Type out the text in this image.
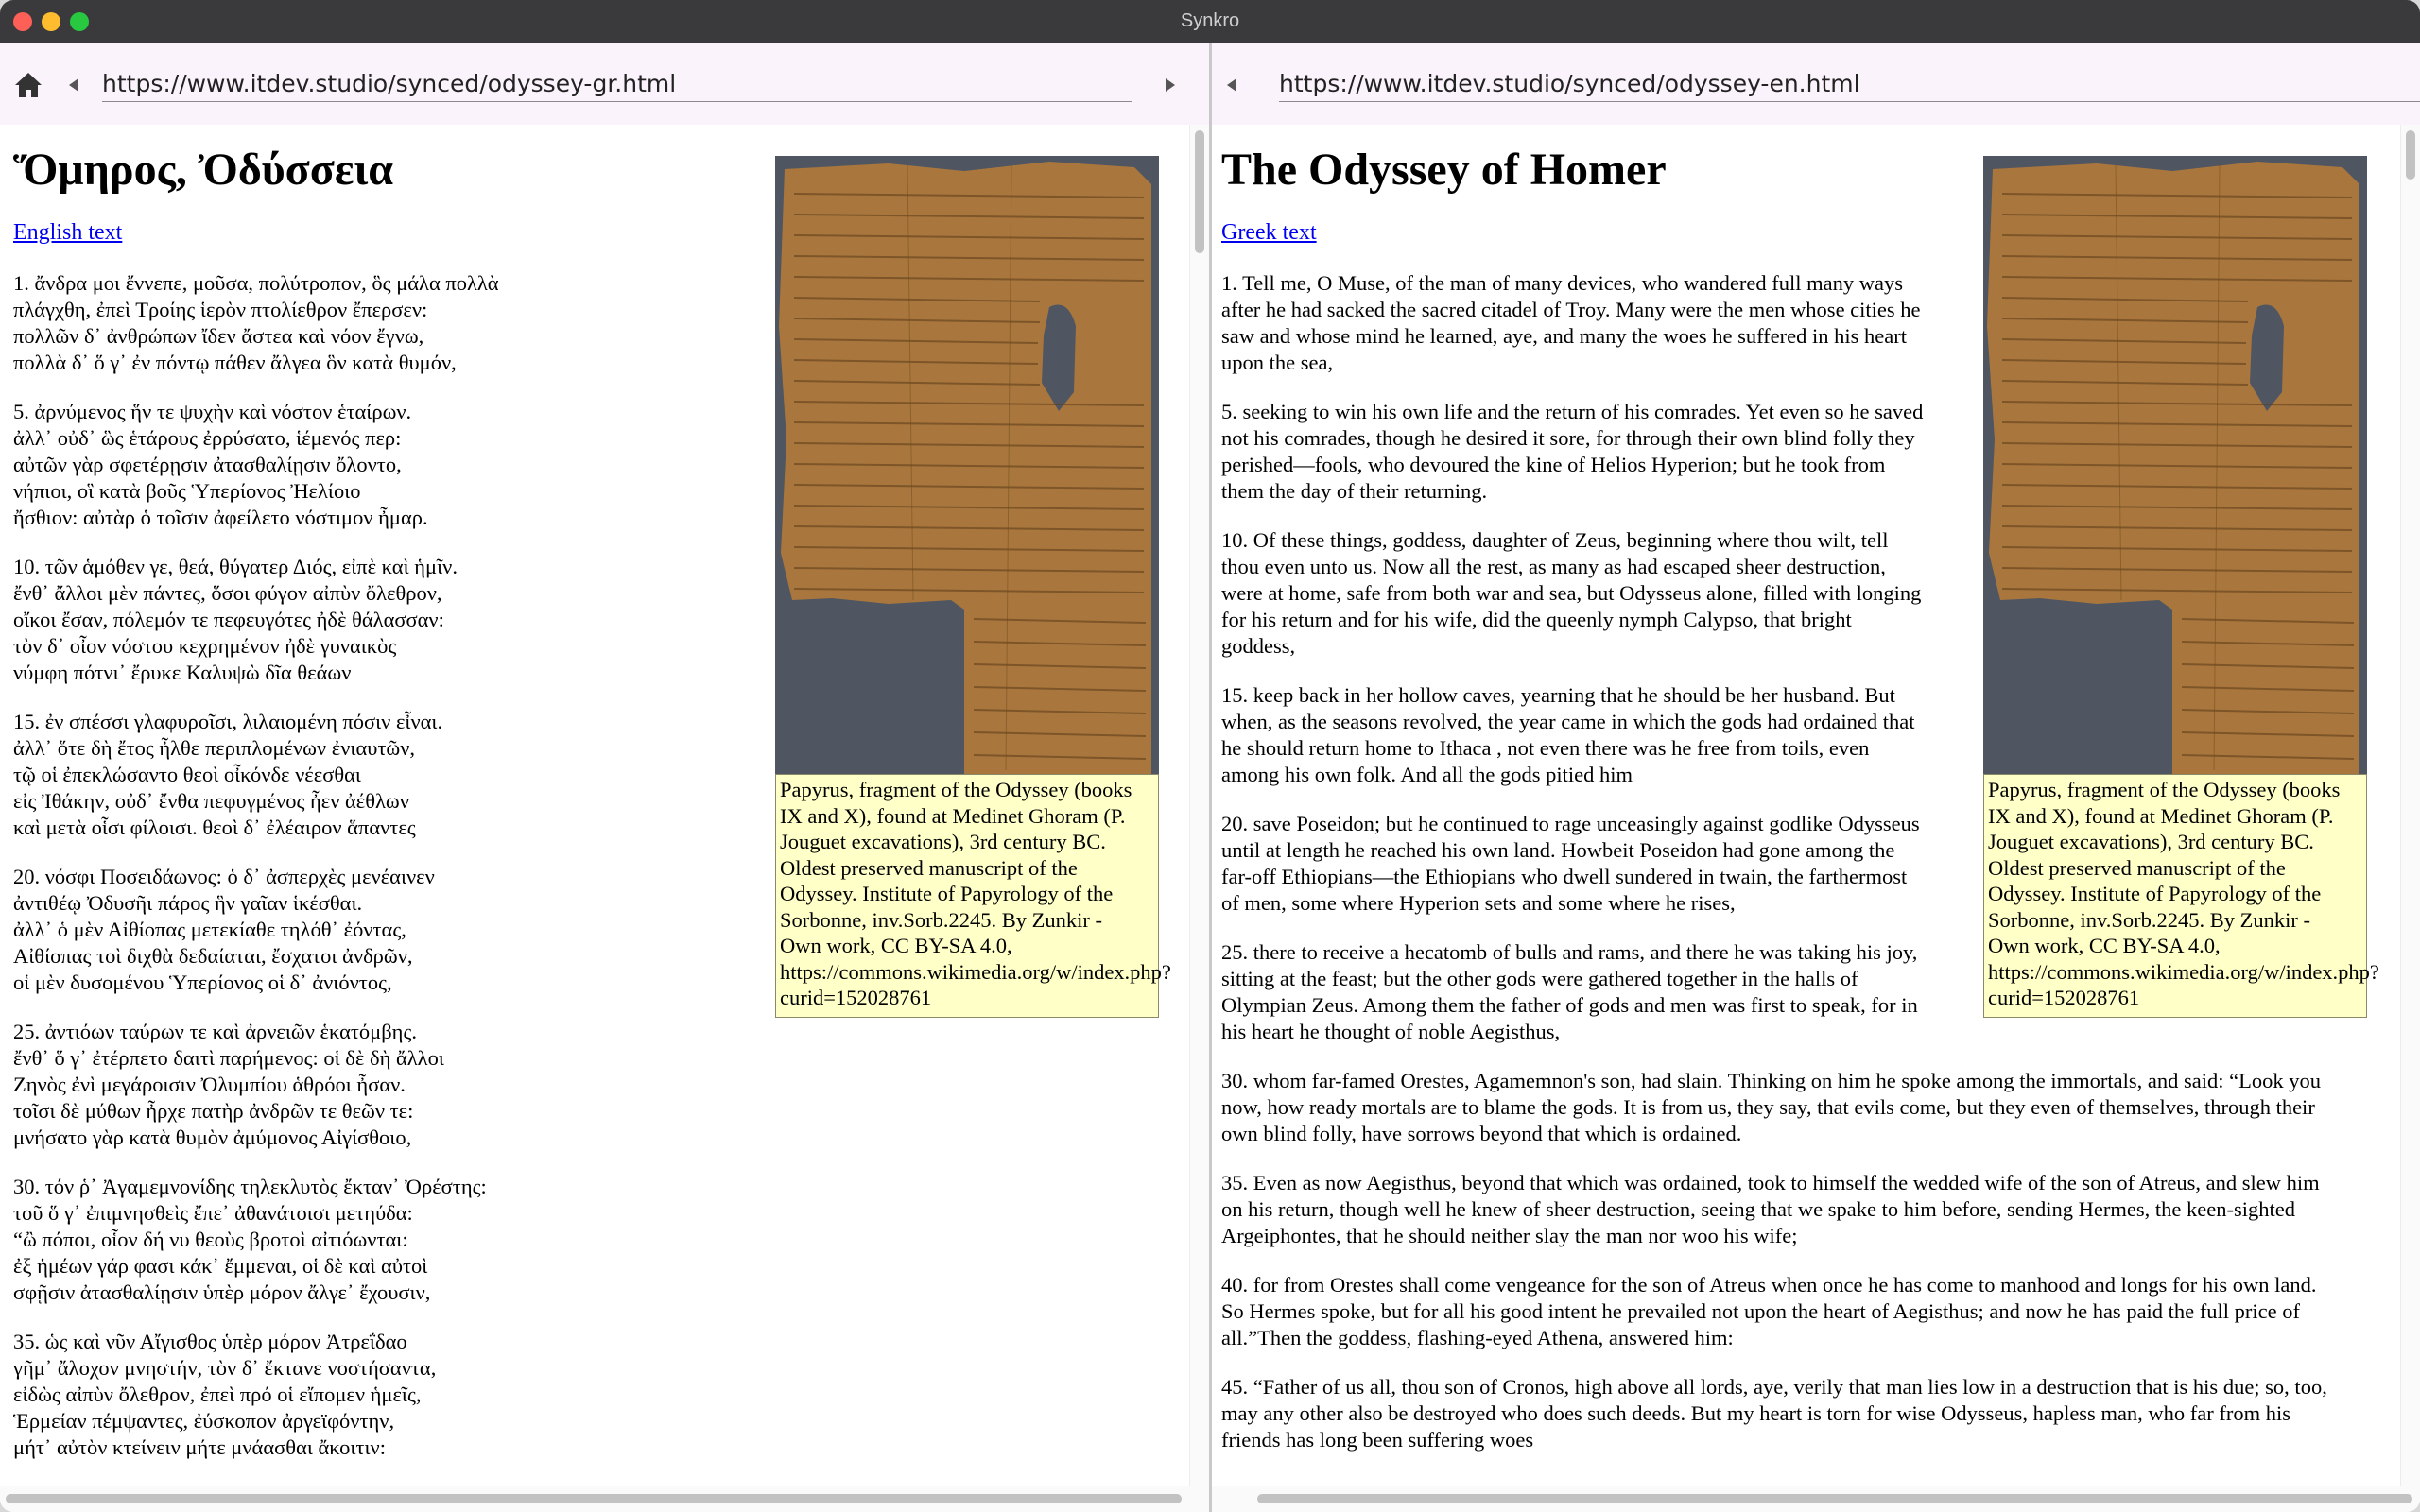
Synkro
https://www.itdev.studio/synced/odyssey-gr.html	https://www.itdev.studio/synced/odyssey-en.html
Papyrus, fragment of the Odyssey (books
IX and X), found at Medinet Ghoram (P.
Jouguet excavations), 3rd century BC.
Oldest preserved manuscript of the
Odyssey. Institute of Papyrology of the
Sorbonne, inv.Sorb.2245. By Zunkir -
Own work, CC BY-SA 4.0,
https://commons.wikimedia.org/w/index.php?
curid=152028761
Ὅμηρος, Ὀδύσσεια
English text
1. ἄνδρα μοι ἔννεπε, μοῦσα, πολύτροπον, ὃς μάλα πολλὰ
πλάγχθη, ἐπεὶ Τροίης ἱερὸν πτολίεθρον ἔπερσεν:
πολλῶν δ᾽ ἀνθρώπων ἴδεν ἄστεα καὶ νόον ἔγνω,
πολλὰ δ᾽ ὅ γ᾽ ἐν πόντῳ πάθεν ἄλγεα ὃν κατὰ θυμόν,
5. ἀρνύμενος ἥν τε ψυχὴν καὶ νόστον ἑταίρων.
ἀλλ᾽ οὐδ᾽ ὣς ἑτάρους ἐρρύσατο, ἱέμενός περ:
αὐτῶν γὰρ σφετέρῃσιν ἀτασθαλίῃσιν ὄλοντο,
νήπιοι, οἳ κατὰ βοῦς Ὑπερίονος Ἠελίοιο
ἤσθιον: αὐτὰρ ὁ τοῖσιν ἀφείλετο νόστιμον ἦμαρ.
10. τῶν ἁμόθεν γε, θεά, θύγατερ Διός, εἰπὲ καὶ ἡμῖν.
ἔνθ᾽ ἄλλοι μὲν πάντες, ὅσοι φύγον αἰπὺν ὄλεθρον,
οἴκοι ἔσαν, πόλεμόν τε πεφευγότες ἠδὲ θάλασσαν:
τὸν δ᾽ οἶον νόστου κεχρημένον ἠδὲ γυναικὸς
νύμφη πότνι᾽ ἔρυκε Καλυψὼ δῖα θεάων
15. ἐν σπέσσι γλαφυροῖσι, λιλαιομένη πόσιν εἶναι.
ἀλλ᾽ ὅτε δὴ ἔτος ἦλθε περιπλομένων ἐνιαυτῶν,
τῷ οἱ ἐπεκλώσαντο θεοὶ οἶκόνδε νέεσθαι
εἰς Ἰθάκην, οὐδ᾽ ἔνθα πεφυγμένος ἦεν ἀέθλων
καὶ μετὰ οἷσι φίλοισι. θεοὶ δ᾽ ἐλέαιρον ἅπαντες
20. νόσφι Ποσειδάωνος: ὁ δ᾽ ἀσπερχὲς μενέαινεν
ἀντιθέῳ Ὀδυσῆι πάρος ἣν γαῖαν ἱκέσθαι.
ἀλλ᾽ ὁ μὲν Αἰθίοπας μετεκίαθε τηλόθ᾽ ἐόντας,
Αἰθίοπας τοὶ διχθὰ δεδαίαται, ἔσχατοι ἀνδρῶν,
οἱ μὲν δυσομένου Ὑπερίονος οἱ δ᾽ ἀνιόντος,
25. ἀντιόων ταύρων τε καὶ ἀρνειῶν ἑκατόμβης.
ἔνθ᾽ ὅ γ᾽ ἐτέρπετο δαιτὶ παρήμενος: οἱ δὲ δὴ ἄλλοι
Ζηνὸς ἐνὶ μεγάροισιν Ὀλυμπίου ἁθρόοι ἦσαν.
τοῖσι δὲ μύθων ἦρχε πατὴρ ἀνδρῶν τε θεῶν τε:
μνήσατο γὰρ κατὰ θυμὸν ἀμύμονος Αἰγίσθοιο,
30. τόν ῥ᾽ Ἀγαμεμνονίδης τηλεκλυτὸς ἔκταν᾽ Ὀρέστης:
τοῦ ὅ γ᾽ ἐπιμνησθεὶς ἔπε᾽ ἀθανάτοισι μετηύδα:
“ὢ πόποι, οἷον δή νυ θεοὺς βροτοὶ αἰτιόωνται:
ἐξ ἡμέων γάρ φασι κάκ᾽ ἔμμεναι, οἱ δὲ καὶ αὐτοὶ
σφῇσιν ἀτασθαλίῃσιν ὑπὲρ μόρον ἄλγε᾽ ἔχουσιν,
35. ὡς καὶ νῦν Αἴγισθος ὑπὲρ μόρον Ἀτρεΐδαο
γῆμ᾽ ἄλοχον μνηστήν, τὸν δ᾽ ἔκτανε νοστήσαντα,
εἰδὼς αἰπὺν ὄλεθρον, ἐπεὶ πρό οἱ εἴπομεν ἡμεῖς,
Ἑρμείαν πέμψαντες, ἐύσκοπον ἀργεϊφόντην,
μήτ᾽ αὐτὸν κτείνειν μήτε μνάασθαι ἄκοιτιν:
Papyrus, fragment of the Odyssey (books
IX and X), found at Medinet Ghoram (P.
Jouguet excavations), 3rd century BC.
Oldest preserved manuscript of the
Odyssey. Institute of Papyrology of the
Sorbonne, inv.Sorb.2245. By Zunkir -
Own work, CC BY-SA 4.0,
https://commons.wikimedia.org/w/index.php?
curid=152028761
The Odyssey of Homer
Greek text
1. Tell me, O Muse, of the man of many devices, who wandered full many ways
after he had sacked the sacred citadel of Troy. Many were the men whose cities he
saw and whose mind he learned, aye, and many the woes he suffered in his heart
upon the sea,
5. seeking to win his own life and the return of his comrades. Yet even so he saved
not his comrades, though he desired it sore, for through their own blind folly they
perished—fools, who devoured the kine of Helios Hyperion; but he took from
them the day of their returning.
10. Of these things, goddess, daughter of Zeus, beginning where thou wilt, tell
thou even unto us. Now all the rest, as many as had escaped sheer destruction,
were at home, safe from both war and sea, but Odysseus alone, filled with longing
for his return and for his wife, did the queenly nymph Calypso, that bright
goddess,
15. keep back in her hollow caves, yearning that he should be her husband. But
when, as the seasons revolved, the year came in which the gods had ordained that
he should return home to Ithaca , not even there was he free from toils, even
among his own folk. And all the gods pitied him
20. save Poseidon; but he continued to rage unceasingly against godlike Odysseus
until at length he reached his own land. Howbeit Poseidon had gone among the
far-off Ethiopians—the Ethiopians who dwell sundered in twain, the farthermost
of men, some where Hyperion sets and some where he rises,
25. there to receive a hecatomb of bulls and rams, and there he was taking his joy,
sitting at the feast; but the other gods were gathered together in the halls of
Olympian Zeus. Among them the father of gods and men was first to speak, for in
his heart he thought of noble Aegisthus,
30. whom far-famed Orestes, Agamemnon's son, had slain. Thinking on him he spoke among the immortals, and said: “Look you
now, how ready mortals are to blame the gods. It is from us, they say, that evils come, but they even of themselves, through their
own blind folly, have sorrows beyond that which is ordained.
35. Even as now Aegisthus, beyond that which was ordained, took to himself the wedded wife of the son of Atreus, and slew him
on his return, though well he knew of sheer destruction, seeing that we spake to him before, sending Hermes, the keen-sighted
Argeiphontes, that he should neither slay the man nor woo his wife;
40. for from Orestes shall come vengeance for the son of Atreus when once he has come to manhood and longs for his own land.
So Hermes spoke, but for all his good intent he prevailed not upon the heart of Aegisthus; and now he has paid the full price of
all.”Then the goddess, flashing-eyed Athena, answered him:
45. “Father of us all, thou son of Cronos, high above all lords, aye, verily that man lies low in a destruction that is his due; so, too,
may any other also be destroyed who does such deeds. But my heart is torn for wise Odysseus, hapless man, who far from his
friends has long been suffering woes
